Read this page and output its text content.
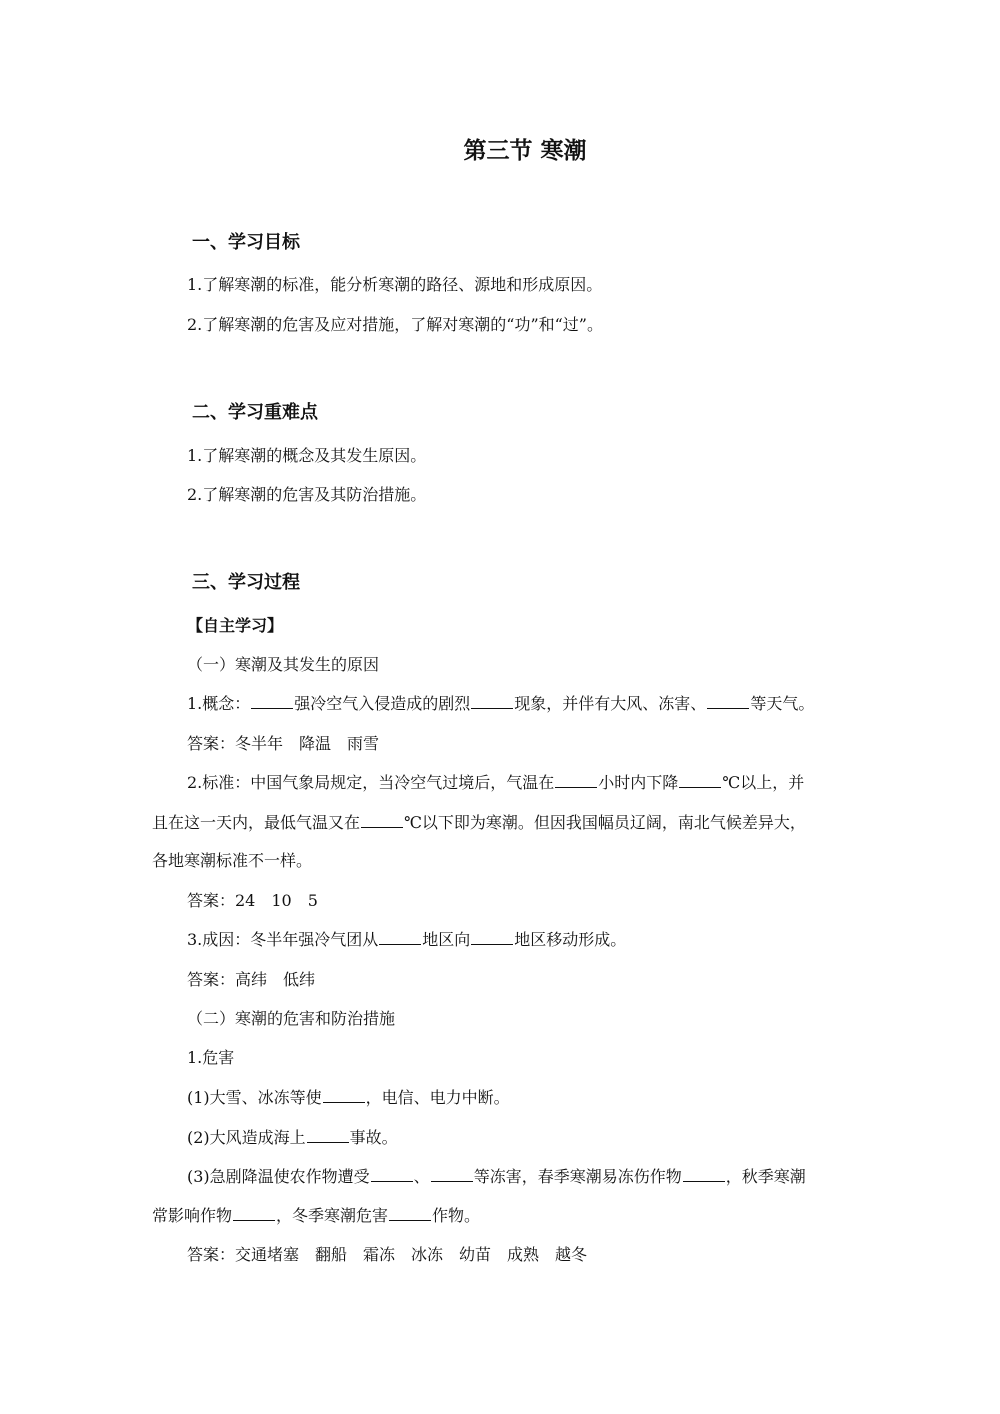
第三节 寒潮
一、学习目标
1.了解寒潮的标准，能分析寒潮的路径、源地和形成原因。
2.了解寒潮的危害及应对措施，了解对寒潮的“功”和“过”。
二、学习重难点
1.了解寒潮的概念及其发生原因。
2.了解寒潮的危害及其防治措施。
三、学习过程
【自主学习】
（一）寒潮及其发生的原因
1.概念：	强冷空气入侵造成的剧烈	现象，并伴有大风、冻害、	等天气。
答案：冬半年　降温　雨雪
2.标准：中国气象局规定，当冷空气过境后，气温在	小时内下降	℃以上，并
且在这一天内，最低气温又在	℃以下即为寒潮。但因我国幅员辽阔，南北气候差异大，
各地寒潮标准不一样。
答案：24　10　5
3.成因：冬半年强冷气团从	地区向	地区移动形成。
答案：高纬　低纬
（二）寒潮的危害和防治措施
1.危害
(1)大雪、冰冻等使	，电信、电力中断。
(2)大风造成海上	事故。
(3)急剧降温使农作物遭受	、	等冻害，春季寒潮易冻伤作物	，秋季寒潮
常影响作物	，冬季寒潮危害	作物。
答案：交通堵塞　翻船　霜冻　冰冻　幼苗　成熟　越冬
